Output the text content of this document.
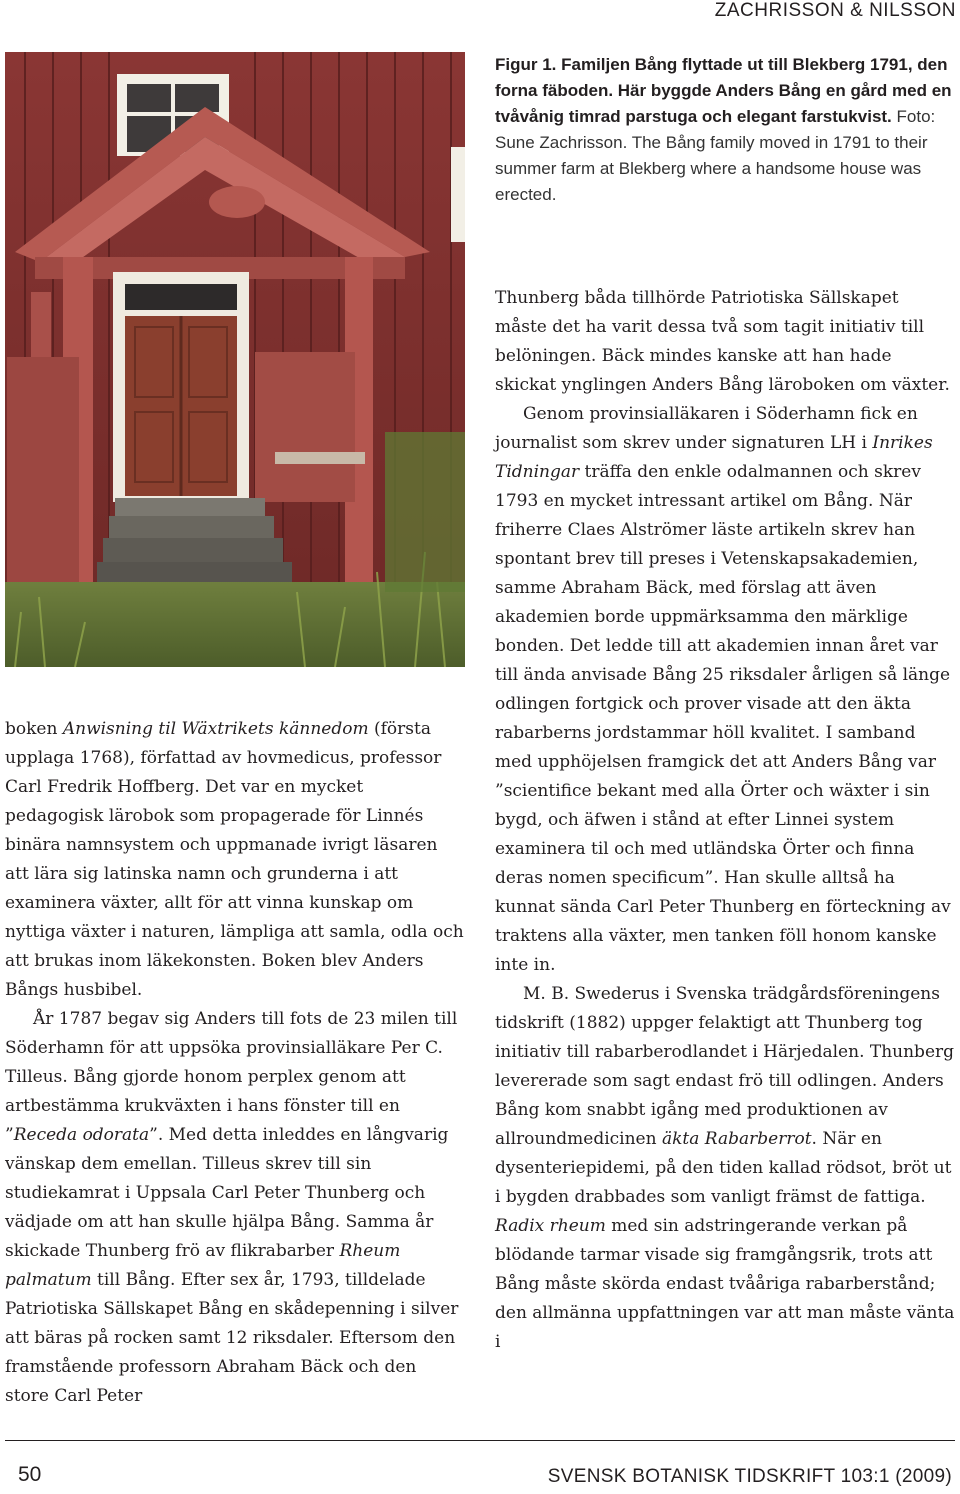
ZACHRISSON & NILSSON
Figur 1. Familjen Bång flyttade ut till Blekberg 1791, den forna fäboden. Här byggde Anders Bång en gård med en tvåvånig timrad parstuga och elegant farstukvist. Foto: Sune Zachrisson. The Bång family moved in 1791 to their summer farm at Blekberg where a handsome house was erected.

boken Anwisning til Wäxtrikets kännedom (första upplaga 1768), författad av hovmedicus, professor Carl Fredrik Hoffberg. Det var en mycket pedagogisk lärobok som propagerade för Linnés binära namnsystem och uppmanade ivrigt läsaren att lära sig latinska namn och grunderna i att examinera växter, allt för att vinna kunskap om nyttiga växter i naturen, lämpliga att samla, odla och att brukas inom läkekonsten. Boken blev Anders Bångs husbibel.

År 1787 begav sig Anders till fots de 23 milen till Söderhamn för att uppsöka provinsialläkare Per C. Tilleus. Bång gjorde honom perplex genom att artbestämma krukväxten i hans fönster till en ”Receda odorata”. Med detta inleddes en långvarig vänskap dem emellan. Tilleus skrev till sin studiekamrat i Uppsala Carl Peter Thunberg och vädjade om att han skulle hjälpa Bång. Samma år skickade Thunberg frö av flikrabarber Rheum palmatum till Bång. Efter sex år, 1793, tilldelade Patriotiska Sällskapet Bång en skådepenning i silver att bäras på rocken samt 12 riksdaler. Eftersom den framstående professorn Abraham Bäck och den store Carl Peter

Thunberg båda tillhörde Patriotiska Sällskapet måste det ha varit dessa två som tagit initiativ till belöningen. Bäck mindes kanske att han hade skickat ynglingen Anders Bång läroboken om växter.

Genom provinsialläkaren i Söderhamn fick en journalist som skrev under signaturen LH i Inrikes Tidningar träffa den enkle odalmannen och skrev 1793 en mycket intressant artikel om Bång. När friherre Claes Alströmer läste artikeln skrev han spontant brev till preses i Vetenskapsakademien, samme Abraham Bäck, med förslag att även akademien borde uppmärksamma den märklige bonden. Det ledde till att akademien innan året var till ända anvisade Bång 25 riksdaler årligen så länge odlingen fortgick och prover visade att den äkta rabarberns jordstammar höll kvalitet. I samband med upphöjelsen framgick det att Anders Bång var ”scientifice bekant med alla Örter och wäxter i sin bygd, och äfwen i stånd at efter Linnei system examinera til och med utländska Örter och finna deras nomen specificum”. Han skulle alltså ha kunnat sända Carl Peter Thunberg en förteckning av traktens alla växter, men tanken föll honom kanske inte in.

M. B. Swederus i Svenska trädgårdsföreningens tidskrift (1882) uppger felaktigt att Thunberg tog initiativ till rabarberodlandet i Härjedalen. Thunberg levererade som sagt endast frö till odlingen. Anders Bång kom snabbt igång med produktionen av allroundmedicinen äkta Rabarberrot. När en dysenteriepidemi, på den tiden kallad rödsot, bröt ut i bygden drabbades som vanligt främst de fattiga. Radix rheum med sin adstringerande verkan på blödande tarmar visade sig framgångsrik, trots att Bång måste skörda endast tvååriga rabarberstånd; den allmänna uppfattningen var att man måste vänta i

50	SVENSK BOTANISK TIDSKRIFT 103:1 (2009)
